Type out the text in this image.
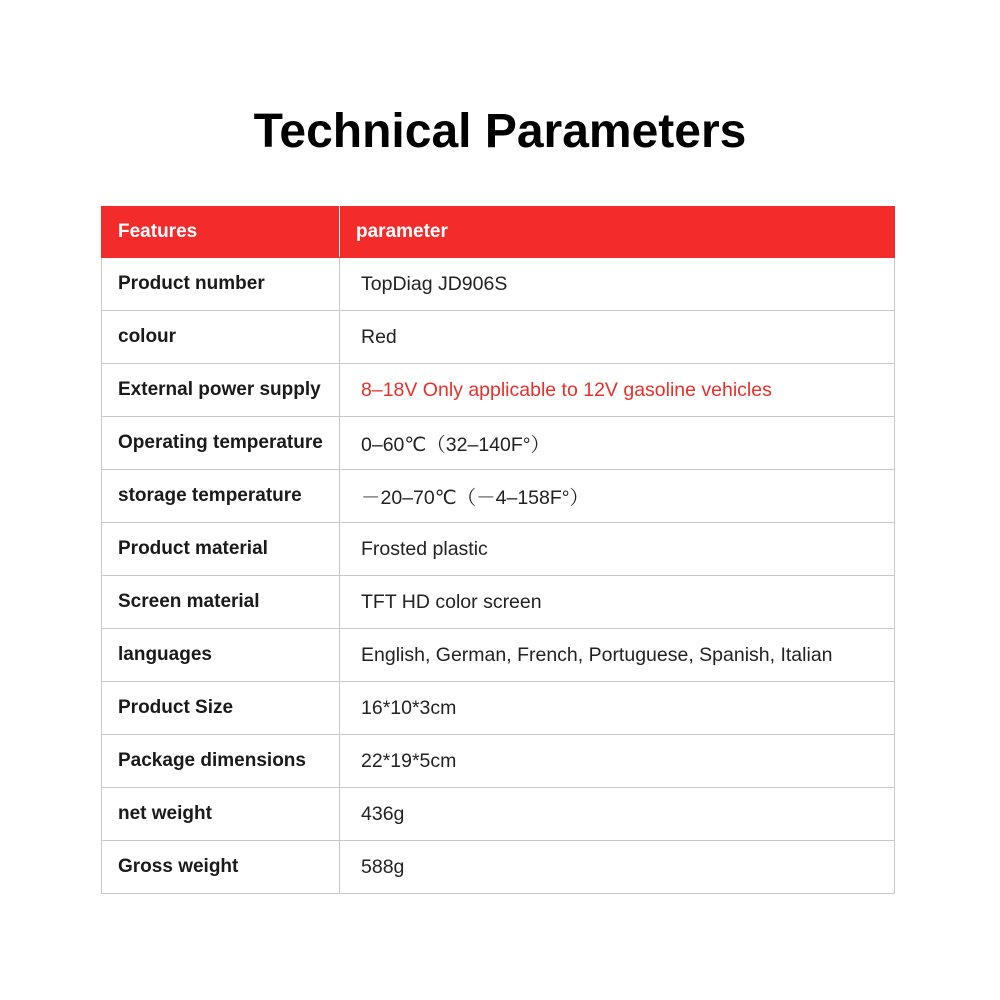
Technical Parameters
Features	parameter
Product number	TopDiag JD906S
colour	Red
External power supply	8–18V Only applicable to 12V gasoline vehicles
Operating temperature	0–60℃（32–140F°）
storage temperature	－20–70℃（－4–158F°）
Product material	Frosted plastic
Screen material	TFT HD color screen
languages	English, German, French, Portuguese, Spanish, Italian
Product Size	16*10*3cm
Package dimensions	22*19*5cm
net weight	436g
Gross weight	588g
